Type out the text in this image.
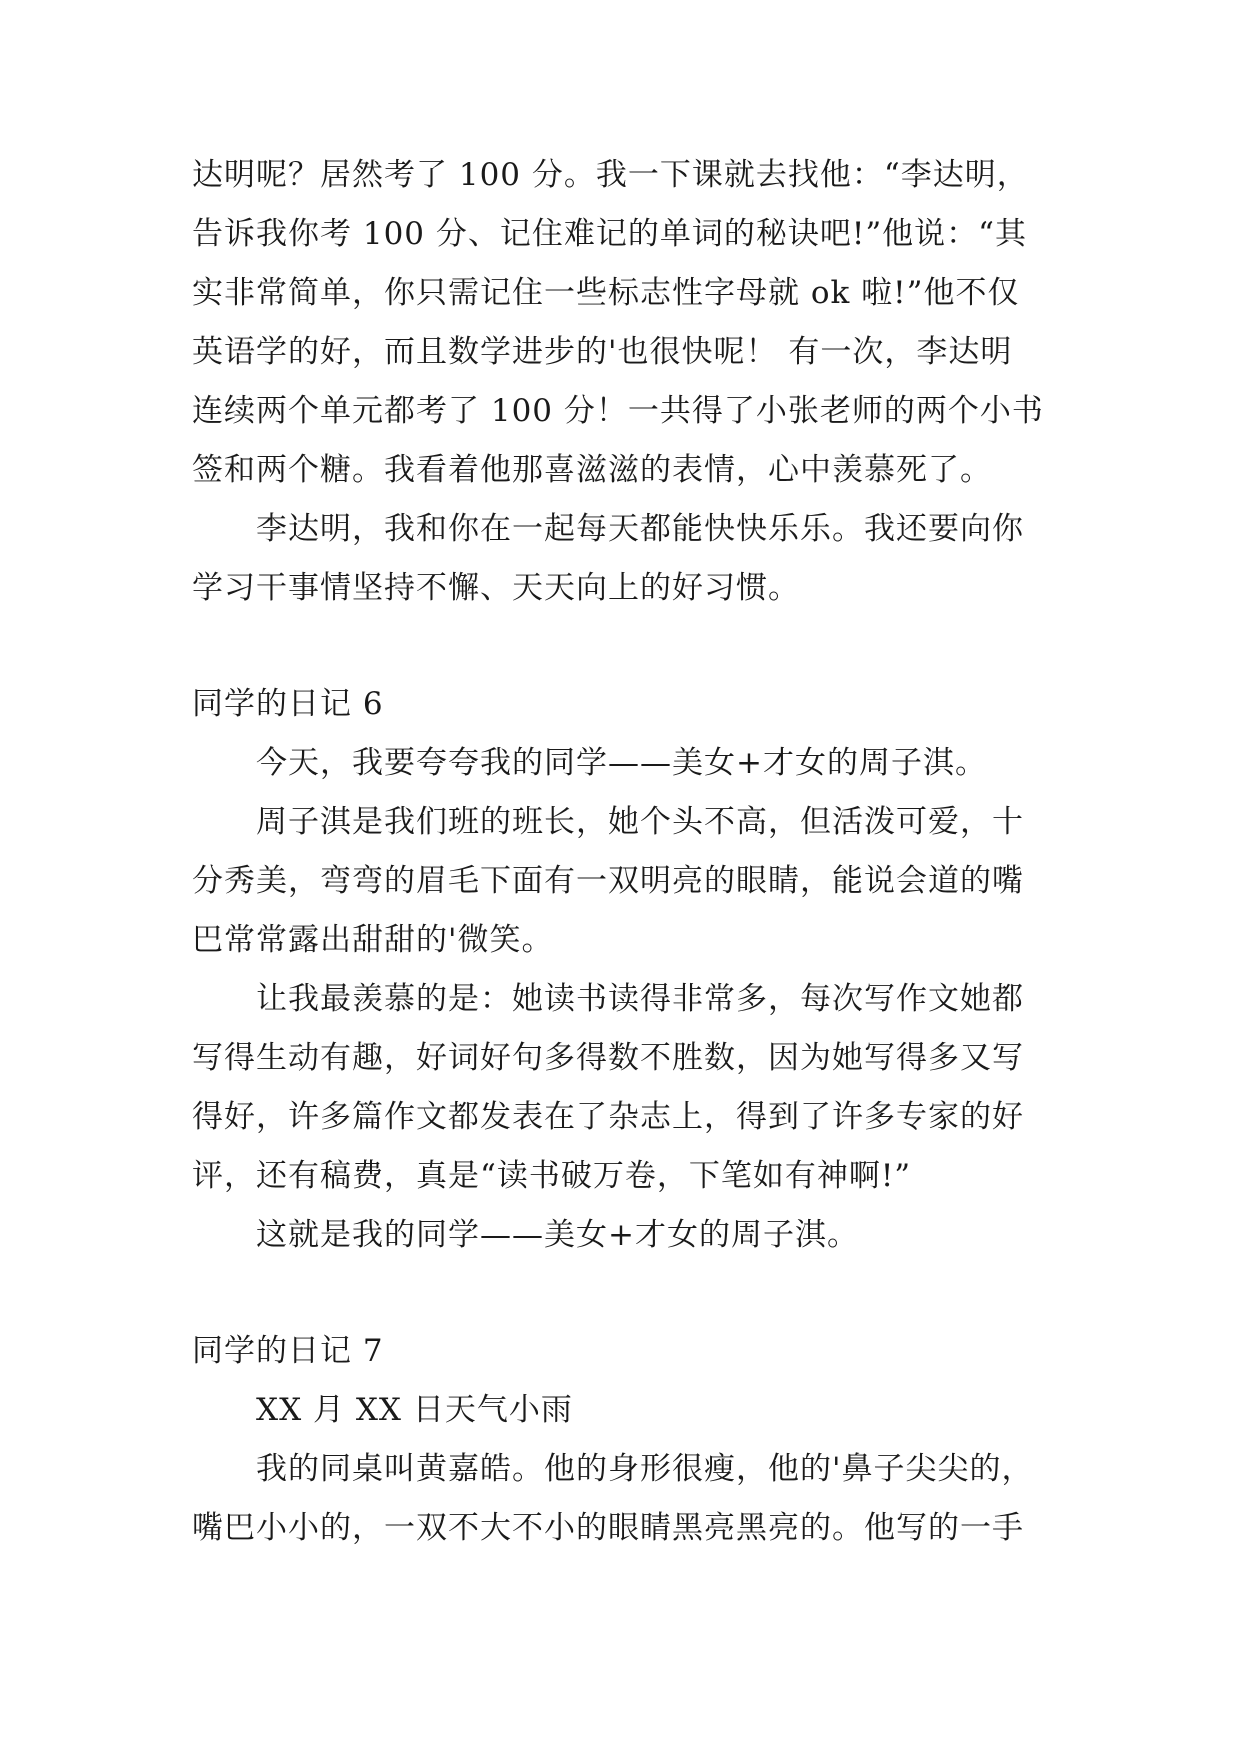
达明呢？居然考了 100 分。我一下课就去找他：“李达明，
告诉我你考 100 分、记住难记的单词的秘诀吧!”他说：“其
实非常简单，你只需记住一些标志性字母就 ok 啦!”他不仅
英语学的好，而且数学进步的'也很快呢！ 有一次，李达明
连续两个单元都考了 100 分！一共得了小张老师的两个小书
签和两个糖。我看着他那喜滋滋的表情，心中羡慕死了。
李达明，我和你在一起每天都能快快乐乐。我还要向你
学习干事情坚持不懈、天天向上的好习惯。
同学的日记 6
今天，我要夸夸我的同学——美女+才女的周子淇。
周子淇是我们班的班长，她个头不高，但活泼可爱，十
分秀美，弯弯的眉毛下面有一双明亮的眼睛，能说会道的嘴
巴常常露出甜甜的'微笑。
让我最羡慕的是：她读书读得非常多，每次写作文她都
写得生动有趣，好词好句多得数不胜数，因为她写得多又写
得好，许多篇作文都发表在了杂志上，得到了许多专家的好
评，还有稿费，真是“读书破万卷，下笔如有神啊!”
这就是我的同学——美女+才女的周子淇。
同学的日记 7
XX 月 XX 日天气小雨
我的同桌叫黄嘉皓。他的身形很瘦，他的'鼻子尖尖的，
嘴巴小小的，一双不大不小的眼睛黑亮黑亮的。他写的一手
